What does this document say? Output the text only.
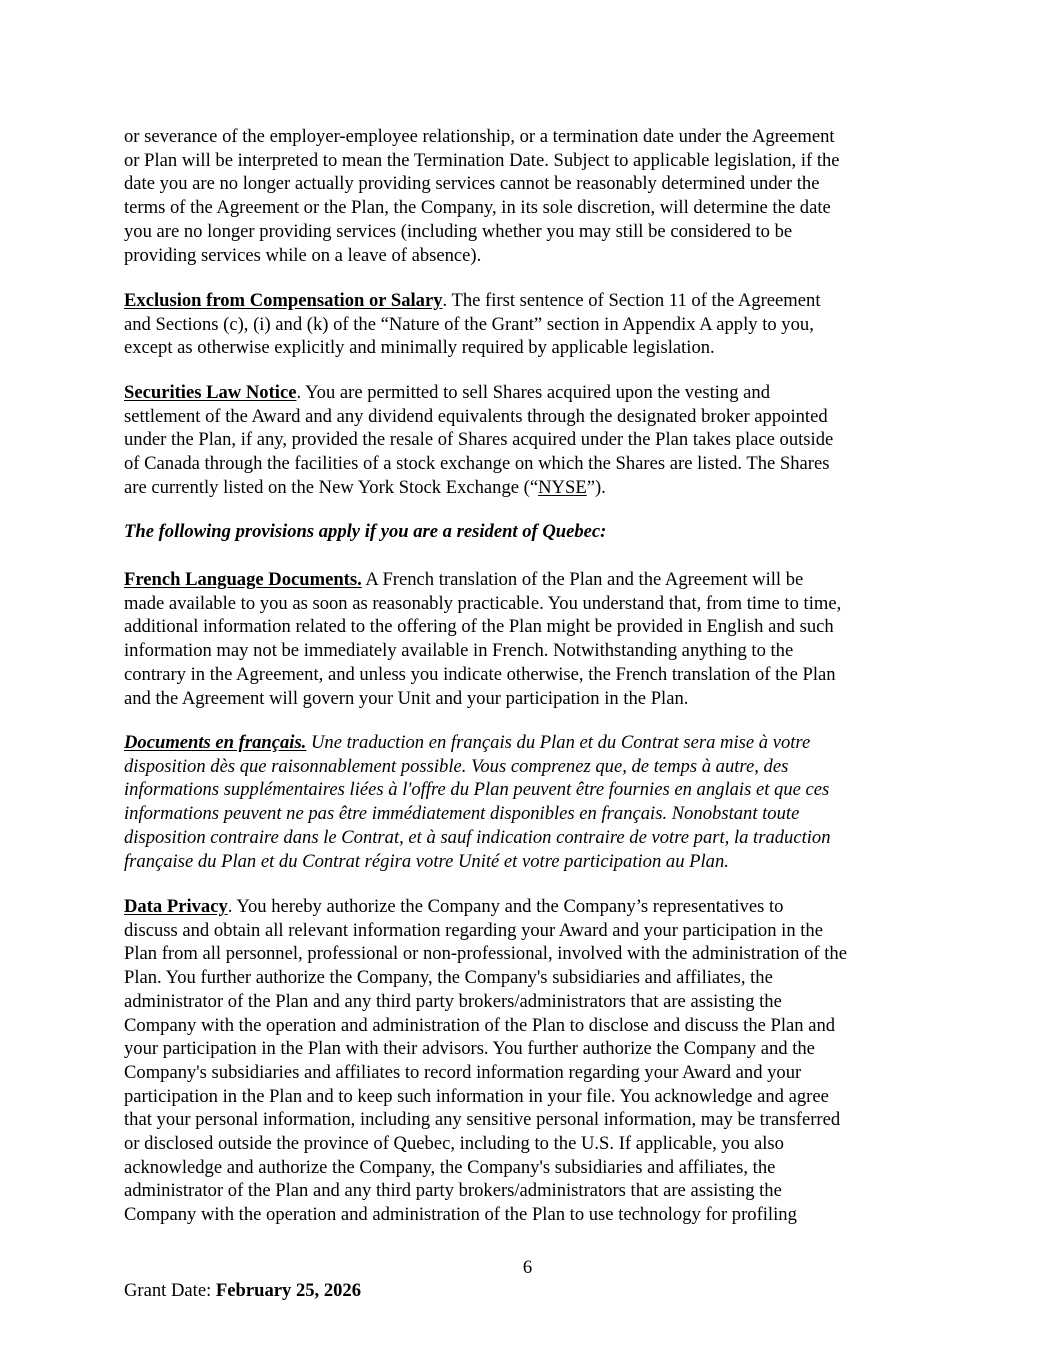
or severance of the employer-employee relationship, or a termination date under the Agreement
or Plan will be interpreted to mean the Termination Date. Subject to applicable legislation, if the
date you are no longer actually providing services cannot be reasonably determined under the
terms of the Agreement or the Plan, the Company, in its sole discretion, will determine the date
you are no longer providing services (including whether you may still be considered to be
providing services while on a leave of absence).
Exclusion from Compensation or Salary. The first sentence of Section 11 of the Agreement
and Sections (c), (i) and (k) of the “Nature of the Grant” section in Appendix A apply to you,
except as otherwise explicitly and minimally required by applicable legislation.
Securities Law Notice. You are permitted to sell Shares acquired upon the vesting and
settlement of the Award and any dividend equivalents through the designated broker appointed
under the Plan, if any, provided the resale of Shares acquired under the Plan takes place outside
of Canada through the facilities of a stock exchange on which the Shares are listed. The Shares
are currently listed on the New York Stock Exchange (“NYSE”).
The following provisions apply if you are a resident of Quebec:
French Language Documents. A French translation of the Plan and the Agreement will be
made available to you as soon as reasonably practicable. You understand that, from time to time,
additional information related to the offering of the Plan might be provided in English and such
information may not be immediately available in French. Notwithstanding anything to the
contrary in the Agreement, and unless you indicate otherwise, the French translation of the Plan
and the Agreement will govern your Unit and your participation in the Plan.
Documents en français. Une traduction en français du Plan et du Contrat sera mise à votre
disposition dès que raisonnablement possible. Vous comprenez que, de temps à autre, des
informations supplémentaires liées à l'offre du Plan peuvent être fournies en anglais et que ces
informations peuvent ne pas être immédiatement disponibles en français. Nonobstant toute
disposition contraire dans le Contrat, et à sauf indication contraire de votre part, la traduction
française du Plan et du Contrat régira votre Unité et votre participation au Plan.
Data Privacy. You hereby authorize the Company and the Company’s representatives to
discuss and obtain all relevant information regarding your Award and your participation in the
Plan from all personnel, professional or non-professional, involved with the administration of the
Plan. You further authorize the Company, the Company's subsidiaries and affiliates, the
administrator of the Plan and any third party brokers/administrators that are assisting the
Company with the operation and administration of the Plan to disclose and discuss the Plan and
your participation in the Plan with their advisors. You further authorize the Company and the
Company's subsidiaries and affiliates to record information regarding your Award and your
participation in the Plan and to keep such information in your file. You acknowledge and agree
that your personal information, including any sensitive personal information, may be transferred
or disclosed outside the province of Quebec, including to the U.S. If applicable, you also
acknowledge and authorize the Company, the Company's subsidiaries and affiliates, the
administrator of the Plan and any third party brokers/administrators that are assisting the
Company with the operation and administration of the Plan to use technology for profiling
6
Grant Date: February 25, 2026
